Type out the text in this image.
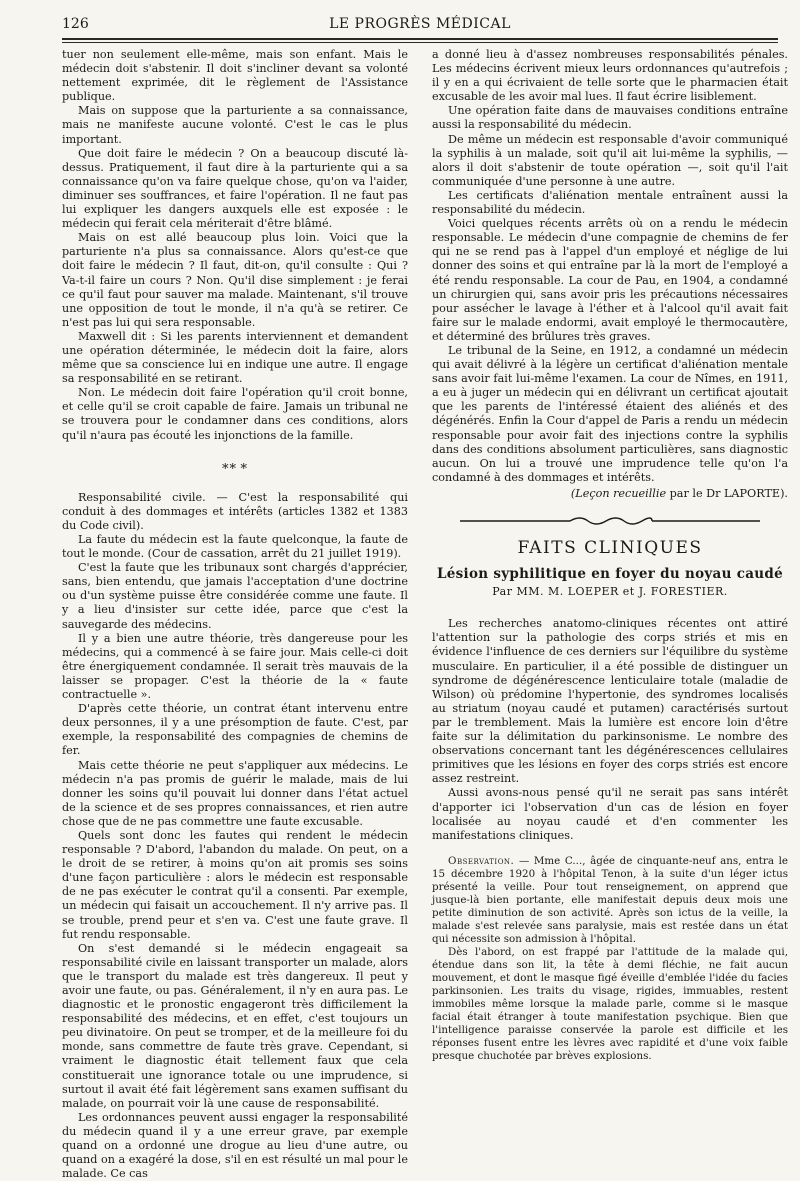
126	LE PROGRÈS MÉDICAL

tuer non seulement elle-même, mais son enfant. Mais le médecin doit s'abstenir. Il doit s'incliner devant sa volonté nettement exprimée, dit le règlement de l'Assistance publique.

Mais on suppose que la parturiente a sa connaissance, mais ne manifeste aucune volonté. C'est le cas le plus important.

Que doit faire le médecin ? On a beaucoup discuté là-dessus. Pratiquement, il faut dire à la parturiente qui a sa connaissance qu'on va faire quelque chose, qu'on va l'aider, diminuer ses souffrances, et faire l'opération. Il ne faut pas lui expliquer les dangers auxquels elle est exposée : le médecin qui ferait cela mériterait d'être blâmé.

Mais on est allé beaucoup plus loin. Voici que la parturiente n'a plus sa connaissance. Alors qu'est-ce que doit faire le médecin ? Il faut, dit-on, qu'il consulte : Qui ? Va-t-il faire un cours ? Non. Qu'il dise simplement : je ferai ce qu'il faut pour sauver ma malade. Maintenant, s'il trouve une opposition de tout le monde, il n'a qu'à se retirer. Ce n'est pas lui qui sera responsable.

Maxwell dit : Si les parents interviennent et demandent une opération déterminée, le médecin doit la faire, alors même que sa conscience lui en indique une autre. Il engage sa responsabilité en se retirant.

Non. Le médecin doit faire l'opération qu'il croit bonne, et celle qu'il se croit capable de faire. Jamais un tribunal ne se trouvera pour le condamner dans ces conditions, alors qu'il n'aura pas écouté les injonctions de la famille.

** *

Responsabilité civile. — C'est la responsabilité qui conduit à des dommages et intérêts (articles 1382 et 1383 du Code civil).

La faute du médecin est la faute quelconque, la faute de tout le monde. (Cour de cassation, arrêt du 21 juillet 1919).

C'est la faute que les tribunaux sont chargés d'apprécier, sans, bien entendu, que jamais l'acceptation d'une doctrine ou d'un système puisse être considérée comme une faute. Il y a lieu d'insister sur cette idée, parce que c'est la sauvegarde des médecins.

Il y a bien une autre théorie, très dangereuse pour les médecins, qui a commencé à se faire jour. Mais celle-ci doit être énergiquement condamnée. Il serait très mauvais de la laisser se propager. C'est la théorie de la « faute contractuelle ».

D'après cette théorie, un contrat étant intervenu entre deux personnes, il y a une présomption de faute. C'est, par exemple, la responsabilité des compagnies de chemins de fer.

Mais cette théorie ne peut s'appliquer aux médecins. Le médecin n'a pas promis de guérir le malade, mais de lui donner les soins qu'il pouvait lui donner dans l'état actuel de la science et de ses propres connaissances, et rien autre chose que de ne pas commettre une faute excusable.

Quels sont donc les fautes qui rendent le médecin responsable ? D'abord, l'abandon du malade. On peut, on a le droit de se retirer, à moins qu'on ait promis ses soins d'une façon particulière : alors le médecin est responsable de ne pas exécuter le contrat qu'il a consenti. Par exemple, un médecin qui faisait un accouchement. Il n'y arrive pas. Il se trouble, prend peur et s'en va. C'est une faute grave. Il fut rendu responsable.

On s'est demandé si le médecin engageait sa responsabilité civile en laissant transporter un malade, alors que le transport du malade est très dangereux. Il peut y avoir une faute, ou pas. Généralement, il n'y en aura pas. Le diagnostic et le pronostic engageront très difficilement la responsabilité des médecins, et en effet, c'est toujours un peu divinatoire. On peut se tromper, et de la meilleure foi du monde, sans commettre de faute très grave. Cependant, si vraiment le diagnostic était tellement faux que cela constituerait une ignorance totale ou une imprudence, si surtout il avait été fait légèrement sans examen suffisant du malade, on pourrait voir là une cause de responsabilité.

Les ordonnances peuvent aussi engager la responsabilité du médecin quand il y a une erreur grave, par exemple quand on a ordonné une drogue au lieu d'une autre, ou quand on a exagéré la dose, s'il en est résulté un mal pour le malade. Ce cas

a donné lieu à d'assez nombreuses responsabilités pénales. Les médecins écrivent mieux leurs ordonnances qu'autrefois ; il y en a qui écrivaient de telle sorte que le pharmacien était excusable de les avoir mal lues. Il faut écrire lisiblement.

Une opération faite dans de mauvaises conditions entraîne aussi la responsabilité du médecin.

De même un médecin est responsable d'avoir communiqué la syphilis à un malade, soit qu'il ait lui-même la syphilis, — alors il doit s'abstenir de toute opération —, soit qu'il l'ait communiquée d'une personne à une autre.

Les certificats d'aliénation mentale entraînent aussi la responsabilité du médecin.

Voici quelques récents arrêts où on a rendu le médecin responsable. Le médecin d'une compagnie de chemins de fer qui ne se rend pas à l'appel d'un employé et néglige de lui donner des soins et qui entraîne par là la mort de l'employé a été rendu responsable. La cour de Pau, en 1904, a condamné un chirurgien qui, sans avoir pris les précautions nécessaires pour assécher le lavage à l'éther et à l'alcool qu'il avait fait faire sur le malade endormi, avait employé le thermocautère, et déterminé des brûlures très graves.

Le tribunal de la Seine, en 1912, a condamné un médecin qui avait délivré à la légère un certificat d'aliénation mentale sans avoir fait lui-même l'examen. La cour de Nîmes, en 1911, a eu à juger un médecin qui en délivrant un certificat ajoutait que les parents de l'intéressé étaient des aliénés et des dégénérés. Enfin la Cour d'appel de Paris a rendu un médecin responsable pour avoir fait des injections contre la syphilis dans des conditions absolument particulières, sans diagnostic aucun. On lui a trouvé une imprudence telle qu'on l'a condamné à des dommages et intérêts.

(Leçon recueillie par le Dr LAPORTE).
FAITS CLINIQUES
Lésion syphilitique en foyer du noyau caudé
Par MM. M. LOEPER et J. FORESTIER.

Les recherches anatomo-cliniques récentes ont attiré l'attention sur la pathologie des corps striés et mis en évidence l'influence de ces derniers sur l'équilibre du système musculaire. En particulier, il a été possible de distinguer un syndrome de dégénérescence lenticulaire totale (maladie de Wilson) où prédomine l'hypertonie, des syndromes localisés au striatum (noyau caudé et putamen) caractérisés surtout par le tremblement. Mais la lumière est encore loin d'être faite sur la délimitation du parkinsonisme. Le nombre des observations concernant tant les dégénérescences cellulaires primitives que les lésions en foyer des corps striés est encore assez restreint.

Aussi avons-nous pensé qu'il ne serait pas sans intérêt d'apporter ici l'observation d'un cas de lésion en foyer localisée au noyau caudé et d'en commenter les manifestations cliniques.

Observation. — Mme C..., âgée de cinquante-neuf ans, entra le 15 décembre 1920 à l'hôpital Tenon, à la suite d'un léger ictus présenté la veille. Pour tout renseignement, on apprend que jusque-là bien portante, elle manifestait depuis deux mois une petite diminution de son activité. Après son ictus de la veille, la malade s'est relevée sans paralysie, mais est restée dans un état qui nécessite son admission à l'hôpital.

Dès l'abord, on est frappé par l'attitude de la malade qui, étendue dans son lit, la tête à demi fléchie, ne fait aucun mouvement, et dont le masque figé éveille d'emblée l'idée du facies parkinsonien. Les traits du visage, rigides, immuables, restent immobiles même lorsque la malade parle, comme si le masque facial était étranger à toute manifestation psychique. Bien que l'intelligence paraisse conservée la parole est difficile et les réponses fusent entre les lèvres avec rapidité et d'une voix faible presque chuchotée par brèves explosions.
